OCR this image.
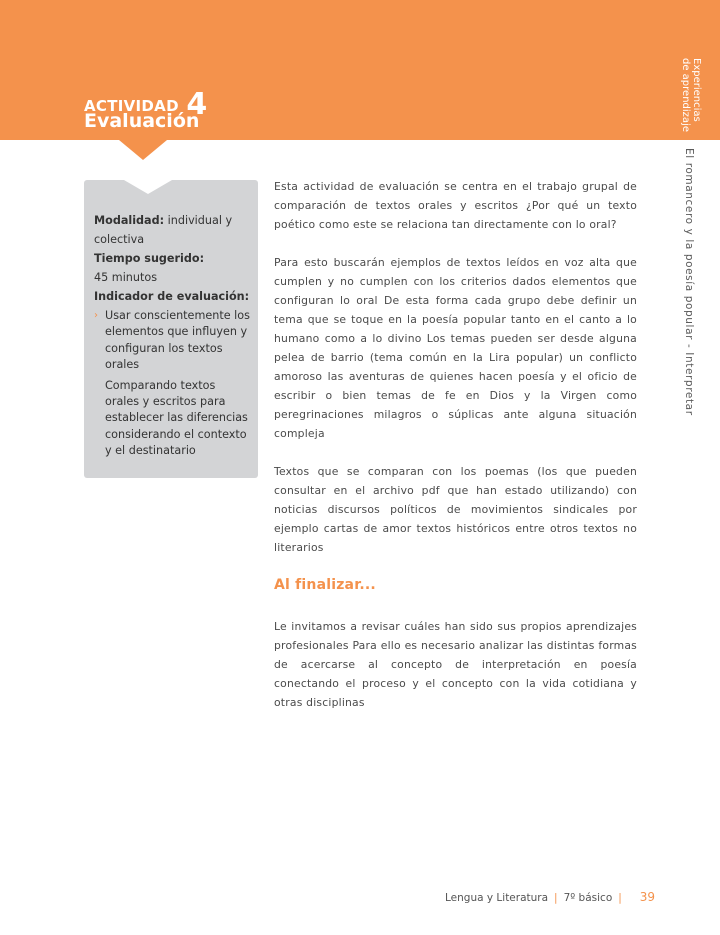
ACTIVIDAD 4
Evaluación	Experiencias
de aprendizaje
El romancero y la poesía popular - Interpretar

Modalidad: individual y colectiva

Tiempo sugerido:

45 minutos

Indicador de evaluación:

› Usar conscientemente los elementos que influyen y configuran los textos orales
Comparando textos orales y escritos para establecer las diferencias considerando el contexto y el destinatario

Esta actividad de evaluación se centra en el trabajo grupal de comparación de textos orales y escritos ¿Por qué un texto poético como este se relaciona tan directamente con lo oral?

Para esto buscarán ejemplos de textos leídos en voz alta que cumplen y no cumplen con los criterios dados elementos que configuran lo oral De esta forma cada grupo debe definir un tema que se toque en la poesía popular tanto en el canto a lo humano como a lo divino Los temas pueden ser desde alguna pelea de barrio (tema común en la Lira popular) un conflicto amoroso las aventuras de quienes hacen poesía y el oficio de escribir o bien temas de fe en Dios y la Virgen como peregrinaciones milagros o súplicas ante alguna situación compleja

Textos que se comparan con los poemas (los que pueden consultar en el archivo pdf que han estado utilizando) con noticias discursos políticos de movimientos sindicales por ejemplo cartas de amor textos históricos entre otros textos no literarios

Al finalizar...

Le invitamos a revisar cuáles han sido sus propios aprendizajes profesionales Para ello es necesario analizar las distintas formas de acercarse al concepto de interpretación en poesía conectando el proceso y el concepto con la vida cotidiana y otras disciplinas

Lengua y Literatura | 7º básico | 39
